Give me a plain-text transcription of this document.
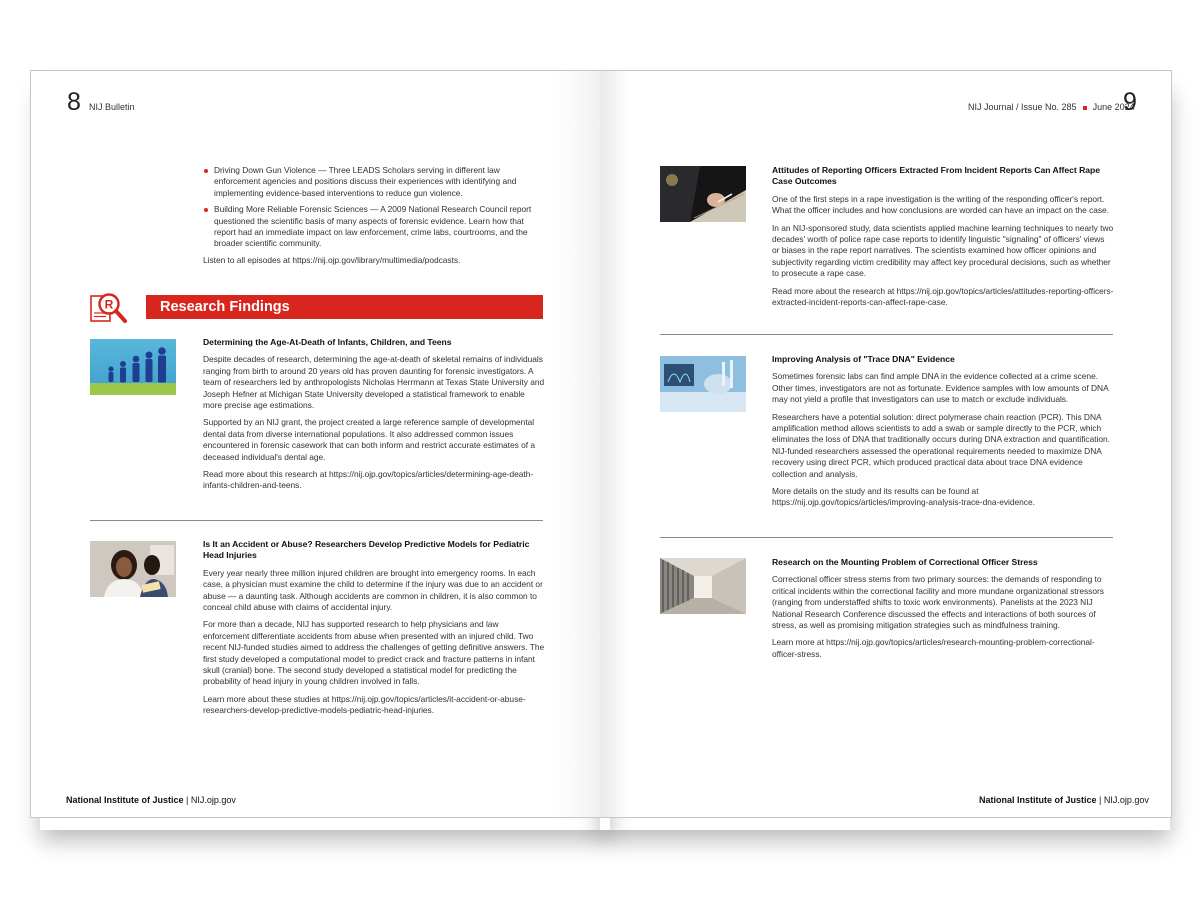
8 NIJ Bulletin
Driving Down Gun Violence — Three LEADS Scholars serving in different law enforcement agencies and positions discuss their experiences with identifying and implementing evidence-based interventions to reduce gun violence.
Building More Reliable Forensic Sciences — A 2009 National Research Council report questioned the scientific basis of many aspects of forensic evidence. Learn how that report had an immediate impact on law enforcement, crime labs, courtrooms, and the broader scientific community.

Listen to all episodes at https://nij.ojp.gov/library/multimedia/podcasts.

R	Research Findings
Determining the Age-At-Death of Infants, Children, and Teens

Despite decades of research, determining the age-at-death of skeletal remains of individuals ranging from birth to around 20 years old has proven daunting for forensic investigators. A team of researchers led by anthropologists Nicholas Herrmann at Texas State University and Joseph Hefner at Michigan State University developed a statistical framework to enable more precise age estimations.

Supported by an NIJ grant, the project created a large reference sample of developmental dental data from diverse international populations. It also addressed common issues encountered in forensic casework that can both inform and restrict accurate estimates of a deceased individual's dental age.

Read more about this research at https://nij.ojp.gov/topics/articles/determining-age-death-infants-children-and-teens.

Is It an Accident or Abuse? Researchers Develop Predictive Models for Pediatric Head Injuries

Every year nearly three million injured children are brought into emergency rooms. In each case, a physician must examine the child to determine if the injury was due to an accident or abuse — a daunting task. Although accidents are common in children, it is also common to conceal child abuse with claims of accidental injury.

For more than a decade, NIJ has supported research to help physicians and law enforcement differentiate accidents from abuse when presented with an injured child. Two recent NIJ-funded studies aimed to address the challenges of getting definitive answers. The first study developed a computational model to predict crack and fracture patterns in infant skull (cranial) bone. The second study developed a statistical model for predicting the probability of head injury in young children involved in falls.

Learn more about these studies at https://nij.ojp.gov/topics/articles/it-accident-or-abuse-researchers-develop-predictive-models-pediatric-head-injuries.

National Institute of Justice | NIJ.ojp.gov
NIJ Journal / Issue No. 285 June 2024
9
Attitudes of Reporting Officers Extracted From Incident Reports Can Affect Rape Case Outcomes

One of the first steps in a rape investigation is the writing of the responding officer's report. What the officer includes and how conclusions are worded can have an impact on the case.

In an NIJ-sponsored study, data scientists applied machine learning techniques to nearly two decades' worth of police rape case reports to identify linguistic "signaling" of officers' views or biases in the rape report narratives. The scientists examined how officer opinions and subjectivity regarding victim credibility may affect key procedural decisions, such as whether to prosecute a rape case.

Read more about the research at https://nij.ojp.gov/topics/articles/attitudes-reporting-officers-extracted-incident-reports-can-affect-rape-case.

Improving Analysis of "Trace DNA" Evidence

Sometimes forensic labs can find ample DNA in the evidence collected at a crime scene. Other times, investigators are not as fortunate. Evidence samples with low amounts of DNA may not yield a profile that investigators can use to match or exclude individuals.

Researchers have a potential solution: direct polymerase chain reaction (PCR). This DNA amplification method allows scientists to add a swab or sample directly to the PCR, which eliminates the loss of DNA that traditionally occurs during DNA extraction and quantification. NIJ-funded researchers assessed the operational requirements needed to maximize DNA recovery using direct PCR, which produced practical data about trace DNA evidence collection and analysis.

More details on the study and its results can be found at https://nij.ojp.gov/topics/articles/improving-analysis-trace-dna-evidence.

Research on the Mounting Problem of Correctional Officer Stress

Correctional officer stress stems from two primary sources: the demands of responding to critical incidents within the correctional facility and more mundane organizational stressors (ranging from understaffed shifts to toxic work environments). Panelists at the 2023 NIJ National Research Conference discussed the effects and interactions of both sources of stress, as well as promising mitigation strategies such as mindfulness training.

Learn more at https://nij.ojp.gov/topics/articles/research-mounting-problem-correctional-officer-stress.

National Institute of Justice | NIJ.ojp.gov
